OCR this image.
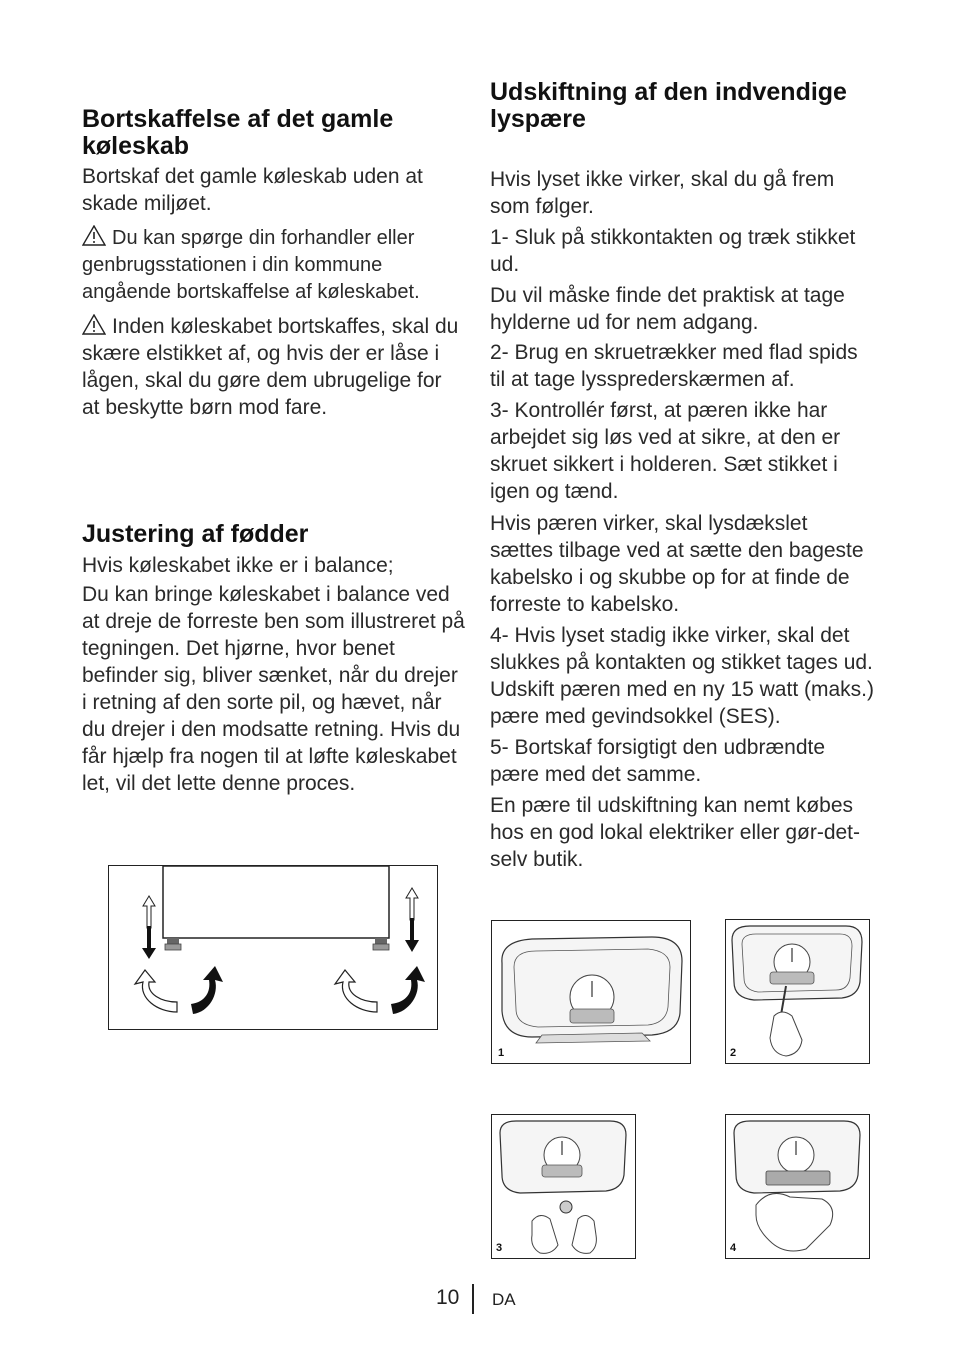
Bortskaffelse af det gamle køleskab

Bortskaf det gamle køleskab uden at skade miljøet.

Du kan spørge din forhandler eller genbrugsstationen i din kommune angående bortskaffelse af køleskabet.

Inden køleskabet bortskaffes, skal du skære elstikket af, og hvis der er låse i lågen, skal du gøre dem ubrugelige for at beskytte børn mod fare.

Justering af fødder

Hvis køleskabet ikke er i balance;

Du kan bringe køleskabet i balance ved at dreje de forreste ben som illustreret på tegningen. Det hjørne, hvor benet befinder sig, bliver sænket, når du drejer i retning af den sorte pil, og hævet, når du drejer i den modsatte retning. Hvis du får hjælp fra nogen til at løfte køleskabet let, vil det lette denne proces.

Udskiftning af den indvendige lyspære

Hvis lyset ikke virker, skal du gå frem som følger.

1- Sluk på stikkontakten og træk stikket ud.

Du vil måske finde det praktisk at tage hylderne ud for nem adgang.

2- Brug en skruetrækker med flad spids til at tage lyssprederskærmen af.

3- Kontrollér først, at pæren ikke har arbejdet sig løs ved at sikre, at den er skruet sikkert i holderen. Sæt stikket i igen og tænd.

Hvis pæren virker, skal lysdækslet sættes tilbage ved at sætte den bageste kabelsko i og skubbe op for at finde de forreste to kabelsko.

4- Hvis lyset stadig ikke virker, skal det slukkes på kontakten og stikket tages ud. Udskift pæren med en ny 15 watt (maks.) pære med gevindsokkel (SES).

5- Bortskaf forsigtigt den udbrændte pære med det samme.

En pære til udskiftning kan nemt købes hos en god lokal elektriker eller gør-det-selv butik.

1	2
3	4
10 DA
